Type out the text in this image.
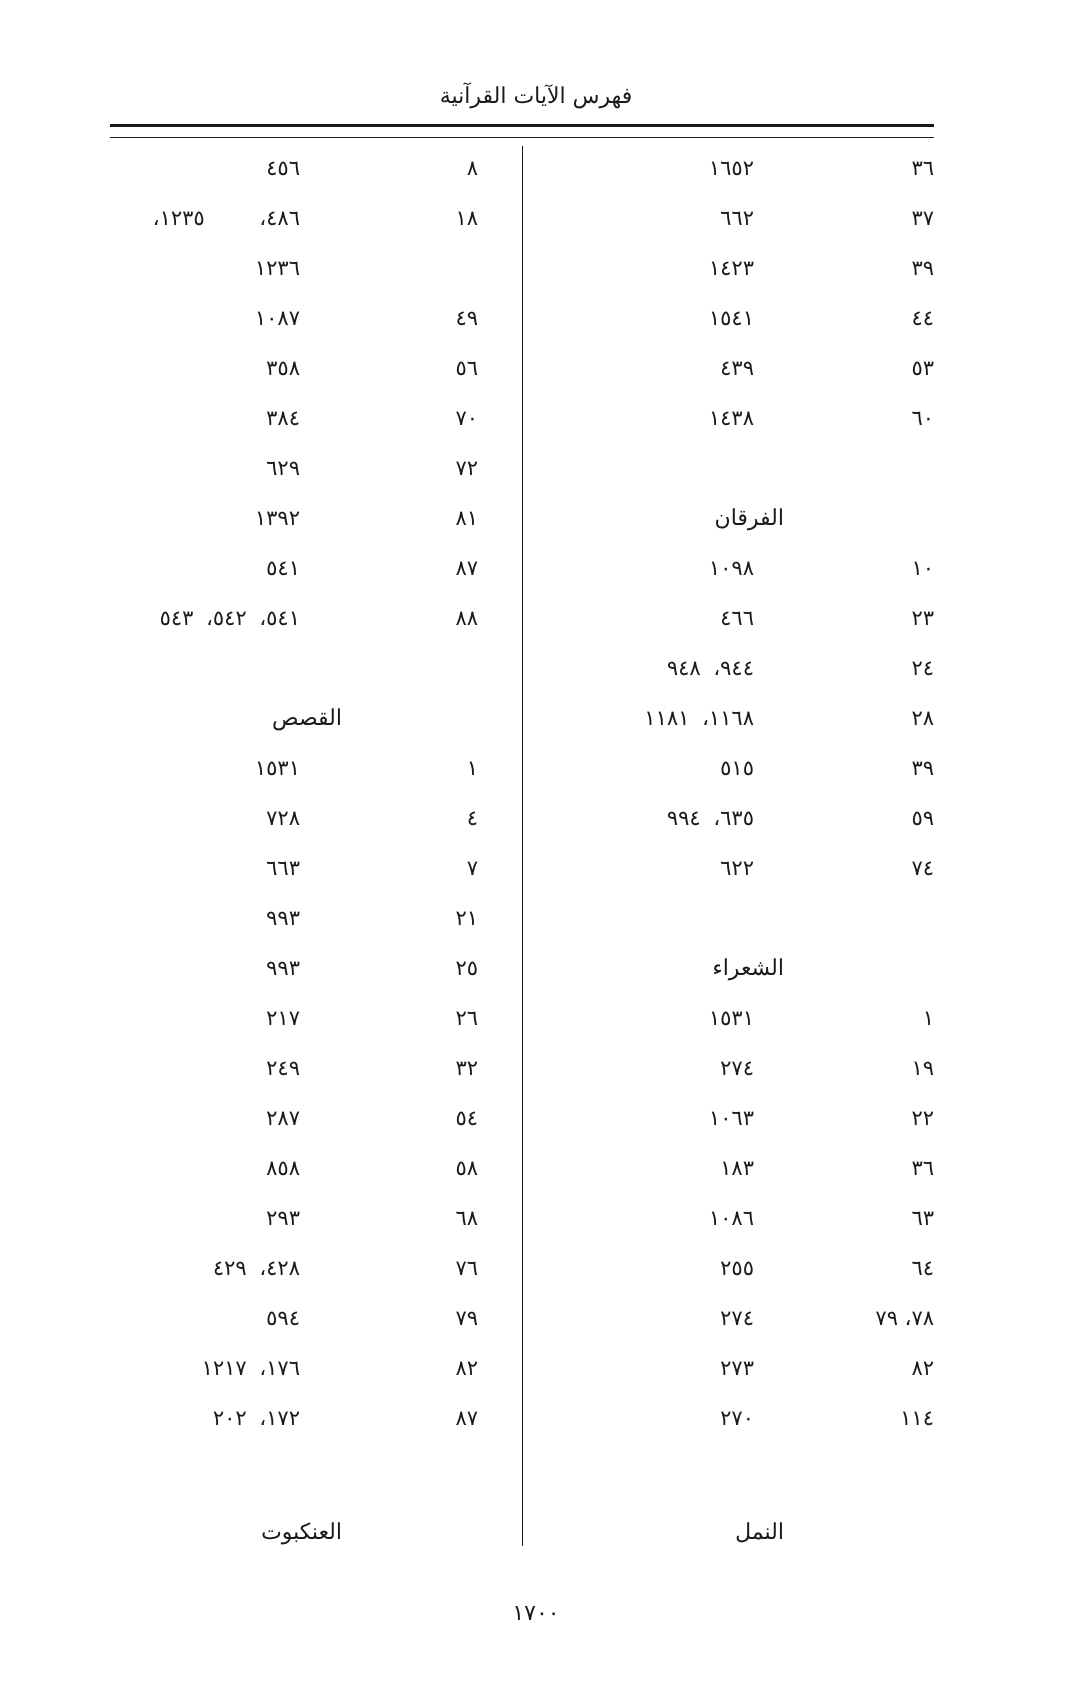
فهرس الآيات القرآنية
٣٦
١٦٥٢
٣٧
٦٦٢
٣٩
١٤٢٣
٤٤
١٥٤١
٥٣
٤٣٩
٦٠
١٤٣٨
الفرقان
١٠
١٠٩٨
٢٣
٤٦٦
٢٤
٩٤٤، ٩٤٨
٢٨
١١٦٨، ١١٨١
٣٩
٥١٥
٥٩
٦٣٥، ٩٩٤
٧٤
٦٢٢
الشعراء
١
١٥٣١
١٩
٢٧٤
٢٢
١٠٦٣
٣٦
١٨٣
٦٣
١٠٨٦
٦٤
٢٥٥
٧٨، ٧٩
٢٧٤
٨٢
٢٧٣
١١٤
٢٧٠
النمل
٨
٤٥٦
١٨
٤٨٦، ١٢٣٥،
١٢٣٦
٤٩
١٠٨٧
٥٦
٣٥٨
٧٠
٣٨٤
٧٢
٦٢٩
٨١
١٣٩٢
٨٧
٥٤١
٨٨
٥٤١، ٥٤٢، ٥٤٣
القصص
١
١٥٣١
٤
٧٢٨
٧
٦٦٣
٢١
٩٩٣
٢٥
٩٩٣
٢٦
٢١٧
٣٢
٢٤٩
٥٤
٢٨٧
٥٨
٨٥٨
٦٨
٢٩٣
٧٦
٤٢٨، ٤٢٩
٧٩
٥٩٤
٨٢
١٧٦، ١٢١٧
٨٧
١٧٢، ٢٠٢
العنكبوت
١٧٠٠
